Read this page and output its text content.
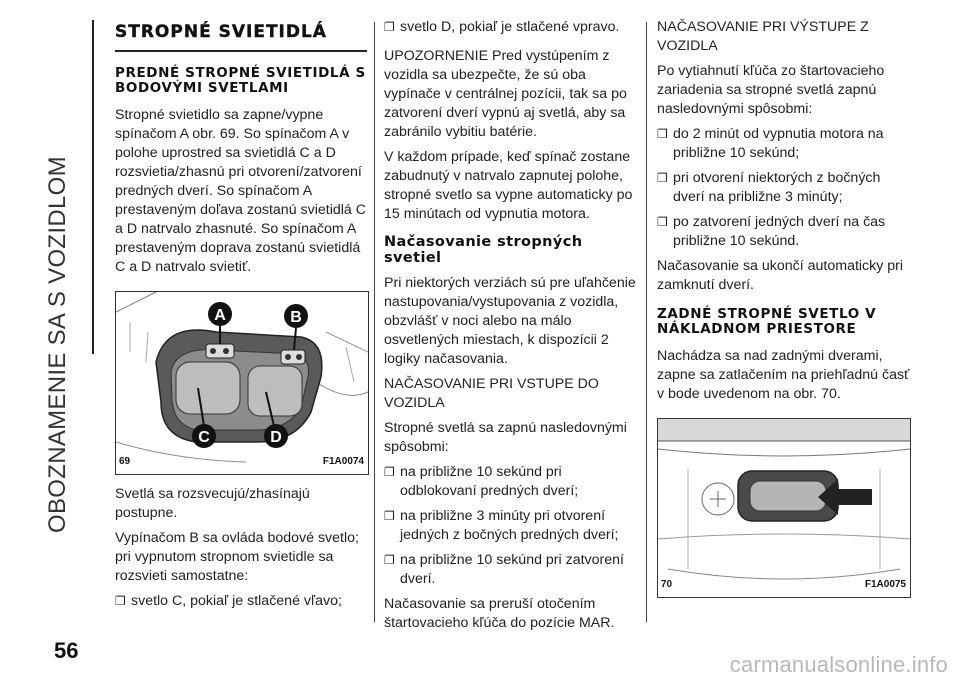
OBOZNAMENIE SA S VOZIDLOM
56
STROPNÉ SVIETIDLÁ
PREDNÉ STROPNÉ SVIETIDLÁ S BODOVÝMI SVETLAMI

Stropné svietidlo sa zapne/vypne spínačom A obr. 69. So spínačom A v polohe uprostred sa svietidlá C a D rozsvietia/zhasnú pri otvorení/zatvorení predných dverí. So spínačom A prestaveným doľava zostanú svietidlá C a D natrvalo zhasnuté. So spínačom A prestaveným doprava zostanú svietidlá C a D natrvalo svietiť.

A	B
C	D
69	F1A0074

Svetlá sa rozsvecujú/zhasínajú postupne.

Vypínačom B sa ovláda bodové svetlo; pri vypnutom stropnom svietidle sa rozsvieti samostatne:

❐
svetlo C, pokiaľ je stlačené vľavo;
❐
svetlo D, pokiaľ je stlačené vpravo.

UPOZORNENIE Pred vystúpením z vozidla sa ubezpečte, že sú oba vypínače v centrálnej pozícii, tak sa po zatvorení dverí vypnú aj svetlá, aby sa zabránilo vybitiu batérie.

V každom prípade, keď spínač zostane zabudnutý v natrvalo zapnutej polohe, stropné svetlo sa vypne automaticky po 15 minútach od vypnutia motora.

Načasovanie stropných svetiel

Pri niektorých verziách sú pre uľahčenie nastupovania/vystupovania z vozidla, obzvlášť v noci alebo na málo osvetlených miestach, k dispozícii 2 logiky načasovania.

NAČASOVANIE PRI VSTUPE DO VOZIDLA

Stropné svetlá sa zapnú nasledovnými spôsobmi:

❐
na približne 10 sekúnd pri odblokovaní predných dverí;
❐
na približne 3 minúty pri otvorení jedných z bočných predných dverí;
❐
na približne 10 sekúnd pri zatvorení dverí.

Načasovanie sa preruší otočením štartovacieho kľúča do pozície MAR.

NAČASOVANIE PRI VÝSTUPE Z VOZIDLA

Po vytiahnutí kľúča zo štartovacieho zariadenia sa stropné svetlá zapnú nasledovnými spôsobmi:

❐
do 2 minút od vypnutia motora na približne 10 sekúnd;
❐
pri otvorení niektorých z bočných dverí na približne 3 minúty;
❐
po zatvorení jedných dverí na čas približne 10 sekúnd.

Načasovanie sa ukončí automaticky pri zamknutí dverí.

ZADNÉ STROPNÉ SVETLO V NÁKLADNOM PRIESTORE

Nachádza sa nad zadnými dverami, zapne sa zatlačením na priehľadnú časť v bode uvedenom na obr. 70.

70	F1A0075
carmanualsonline.info
